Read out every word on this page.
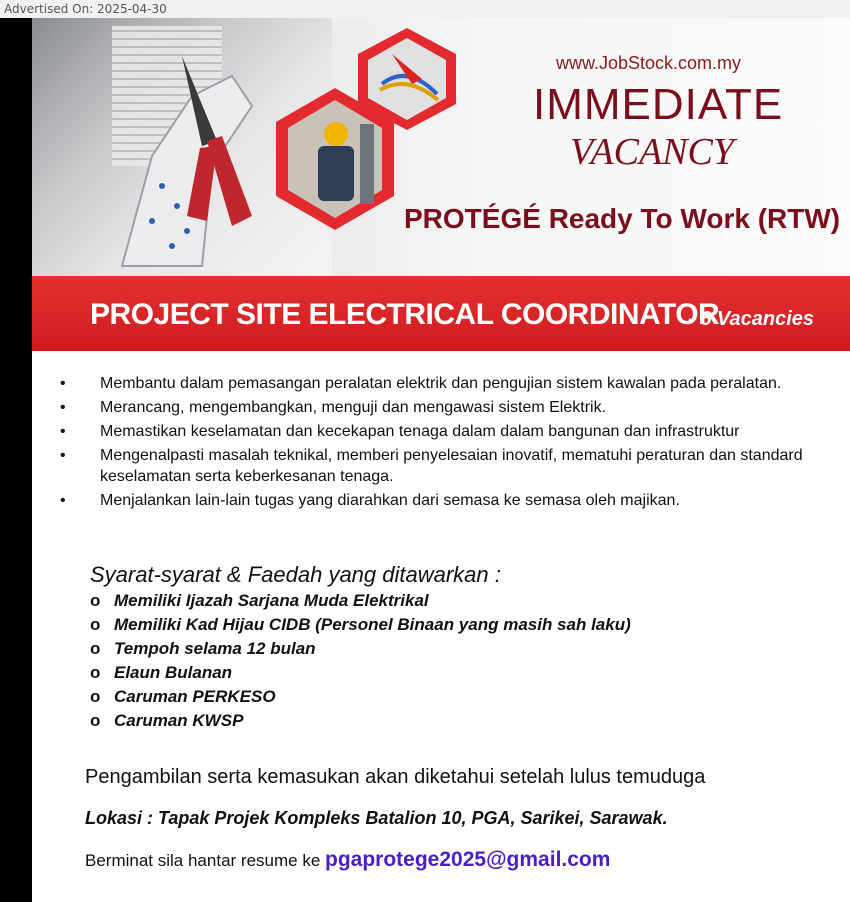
Advertised On: 2025-04-30
www.JobStock.com.my
IMMEDIATE
VACANCY
PROTÉGÉ Ready To Work (RTW)
PROJECT SITE ELECTRICAL COORDINATOR
- 6 Vacancies
• Membantu dalam pemasangan peralatan elektrik dan pengujian sistem kawalan pada peralatan.
• Merancang, mengembangkan, menguji dan mengawasi sistem Elektrik.
• Memastikan keselamatan dan kecekapan tenaga dalam dalam bangunan dan infrastruktur
• Mengenalpasti masalah teknikal, memberi penyelesaian inovatif, mematuhi peraturan dan standard keselamatan serta keberkesanan tenaga.
• Menjalankan lain-lain tugas yang diarahkan dari semasa ke semasa oleh majikan.
Syarat-syarat & Faedah yang ditawarkan :
o Memiliki Ijazah Sarjana Muda Elektrikal
o Memiliki Kad Hijau CIDB (Personel Binaan yang masih sah laku)
o Tempoh selama 12 bulan
o Elaun Bulanan
o Caruman PERKESO
o Caruman KWSP
Pengambilan serta kemasukan akan diketahui setelah lulus temuduga
Lokasi : Tapak Projek Kompleks Batalion 10, PGA, Sarikei, Sarawak.
Berminat sila hantar resume ke pgaprotege2025@gmail.com
